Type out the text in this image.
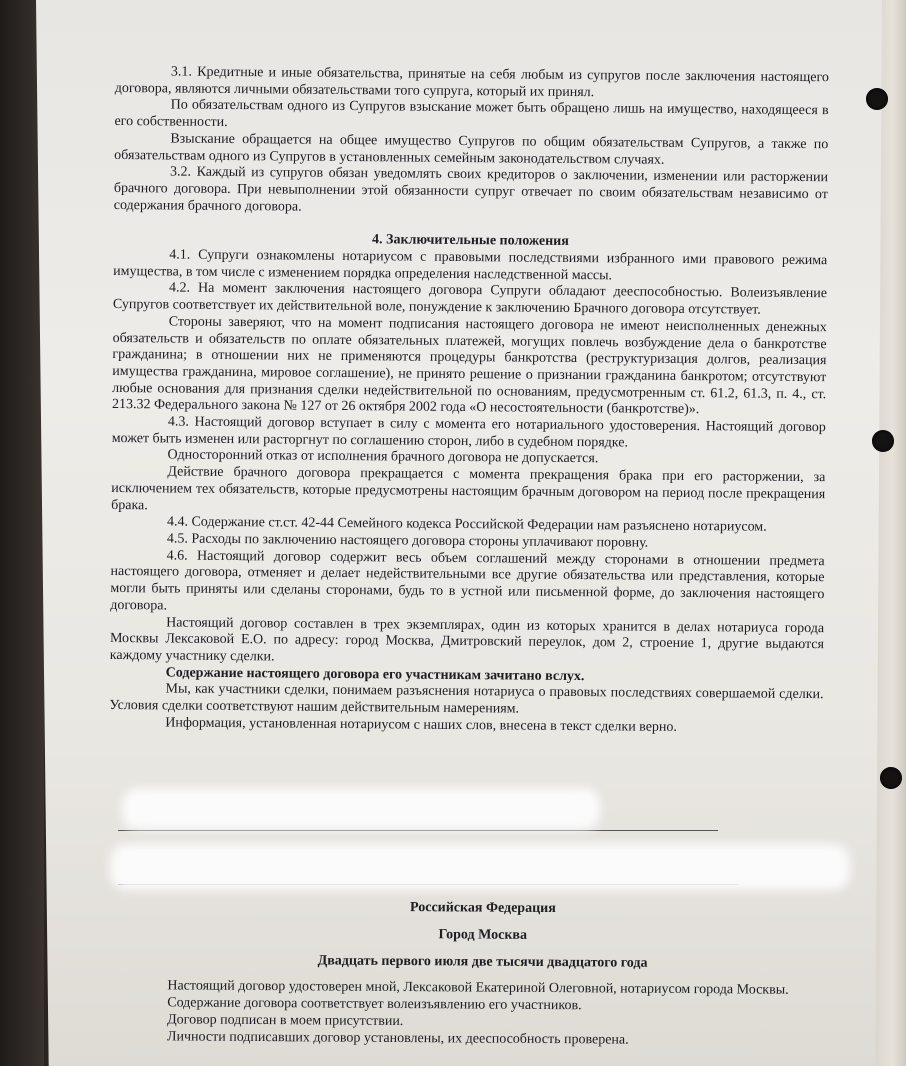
3.1. Кредитные и иные обязательства, принятые на себя любым из супругов после заключения настоящего договора, являются личными обязательствами того супруга, который их принял.

По обязательствам одного из Супругов взыскание может быть обращено лишь на имущество, находящееся в его собственности.

Взыскание обращается на общее имущество Супругов по общим обязательствам Супругов, а также по обязательствам одного из Супругов в установленных семейным законодательством случаях.

3.2. Каждый из супругов обязан уведомлять своих кредиторов о заключении, изменении или расторжении брачного договора. При невыполнении этой обязанности супруг отвечает по своим обязательствам независимо от содержания брачного договора.

4. Заключительные положения

4.1. Супруги ознакомлены нотариусом с правовыми последствиями избранного ими правового режима имущества, в том числе с изменением порядка определения наследственной массы.

4.2. На момент заключения настоящего договора Супруги обладают дееспособностью. Волеизъявление Супругов соответствует их действительной воле, понуждение к заключению Брачного договора отсутствует.

Стороны заверяют, что на момент подписания настоящего договора не имеют неисполненных денежных обязательств и обязательств по оплате обязательных платежей, могущих повлечь возбуждение дела о банкротстве гражданина; в отношении них не применяются процедуры банкротства (реструктуризация долгов, реализация имущества гражданина, мировое соглашение), не принято решение о признании гражданина банкротом; отсутствуют любые основания для признания сделки недействительной по основаниям, предусмотренным ст. 61.2, 61.3, п. 4., ст. 213.32 Федерального закона № 127 от 26 октября 2002 года «О несостоятельности (банкротстве)».

4.3. Настоящий договор вступает в силу с момента его нотариального удостоверения. Настоящий договор может быть изменен или расторгнут по соглашению сторон, либо в судебном порядке.

Односторонний отказ от исполнения брачного договора не допускается.

Действие брачного договора прекращается с момента прекращения брака при его расторжении, за исключением тех обязательств, которые предусмотрены настоящим брачным договором на период после прекращения брака.

4.4. Содержание ст.ст. 42-44 Семейного кодекса Российской Федерации нам разъяснено нотариусом.

4.5. Расходы по заключению настоящего договора стороны уплачивают поровну.

4.6. Настоящий договор содержит весь объем соглашений между сторонами в отношении предмета настоящего договора, отменяет и делает недействительными все другие обязательства или представления, которые могли быть приняты или сделаны сторонами, будь то в устной или письменной форме, до заключения настоящего договора.

Настоящий договор составлен в трех экземплярах, один из которых хранится в делах нотариуса города Москвы Лексаковой Е.О. по адресу: город Москва, Дмитровский переулок, дом 2, строение 1, другие выдаются каждому участнику сделки.

Содержание настоящего договора его участникам зачитано вслух.

Мы, как участники сделки, понимаем разъяснения нотариуса о правовых последствиях совершаемой сделки. Условия сделки соответствуют нашим действительным намерениям.

Информация, установленная нотариусом с наших слов, внесена в текст сделки верно.

Российская Федерация

Город Москва

Двадцать первого июля две тысячи двадцатого года

Настоящий договор удостоверен мной, Лексаковой Екатериной Олеговной, нотариусом города Москвы.

Содержание договора соответствует волеизъявлению его участников.

Договор подписан в моем присутствии.

Личности подписавших договор установлены, их дееспособность проверена.
